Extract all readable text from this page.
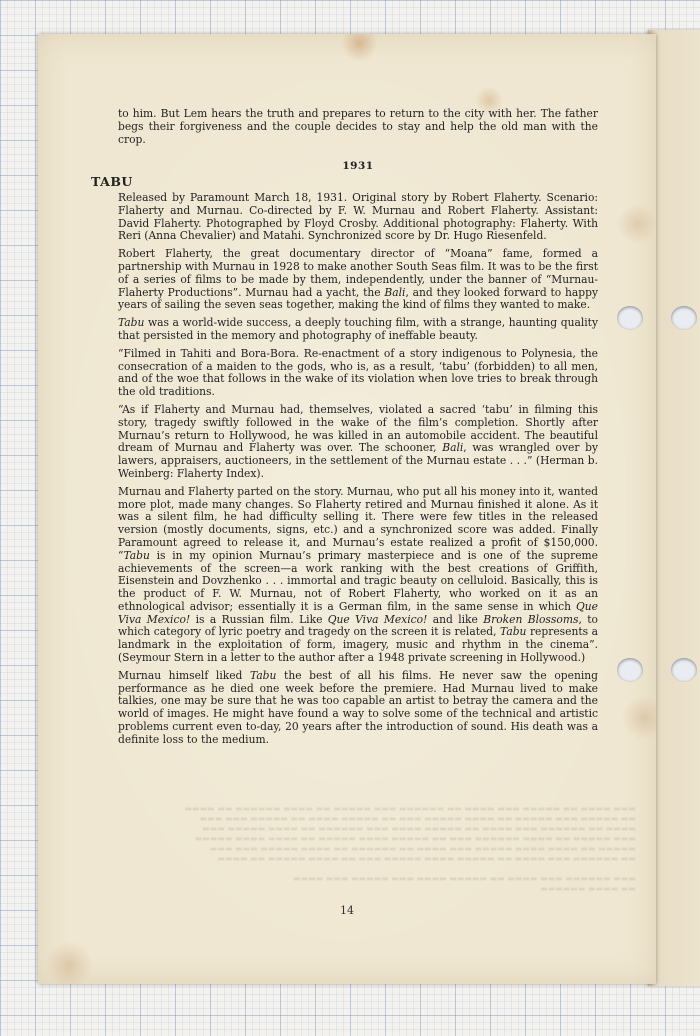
▬▬▬ ▬▬▬▬ ▬▬ ▬▬▬▬▬ ▬▬▬ ▬▬▬▬ ▬▬ ▬▬▬▬▬▬ ▬▬▬ ▬▬▬▬▬ ▬▬ ▬▬▬▬ ▬▬▬▬▬▬ ▬▬ ▬▬▬▬
▬▬ ▬▬▬▬▬ ▬▬▬ ▬▬▬▬▬ ▬▬ ▬▬▬▬ ▬▬▬▬▬ ▬▬▬ ▬▬ ▬▬▬▬▬ ▬▬▬▬ ▬▬ ▬▬▬▬▬ ▬▬▬ ▬▬▬
▬▬▬▬ ▬▬ ▬▬▬▬▬▬ ▬▬▬ ▬▬▬▬ ▬▬ ▬▬▬▬▬ ▬▬▬▬ ▬▬▬ ▬▬▬▬▬▬ ▬▬ ▬▬▬▬ ▬▬▬▬▬ ▬▬▬
▬▬▬ ▬▬▬▬▬ ▬▬ ▬▬▬▬ ▬▬▬▬▬▬ ▬▬▬ ▬▬ ▬▬▬▬▬ ▬▬▬▬ ▬▬▬▬▬ ▬▬ ▬▬▬▬ ▬▬▬▬ ▬▬▬▬▬
▬▬▬▬▬ ▬▬ ▬▬▬▬ ▬▬▬▬ ▬▬▬▬▬ ▬▬▬ ▬▬▬▬ ▬▬ ▬▬▬▬▬▬ ▬▬ ▬▬▬▬ ▬▬▬▬▬ ▬▬▬ ▬▬▬
▬▬ ▬▬▬▬▬▬ ▬▬▬ ▬▬▬▬ ▬▬ ▬▬▬▬▬ ▬▬▬▬ ▬▬▬▬▬ ▬▬▬ ▬▬ ▬▬▬▬ ▬▬▬▬▬ ▬▬ ▬▬▬▬

▬▬▬ ▬▬▬▬▬▬ ▬▬▬ ▬▬▬▬ ▬▬ ▬▬▬▬▬ ▬▬▬▬ ▬▬▬ ▬▬▬▬▬ ▬▬▬ ▬▬▬▬
▬▬ ▬▬▬▬ ▬▬▬▬▬▬

to him. But Lem hears the truth and prepares to return to the city with her. The father begs their forgiveness and the couple decides to stay and help the old man with the crop.

1931
TABU

Released by Paramount March 18, 1931. Original story by Robert Flaherty. Scenario: Flaherty and Murnau. Co-directed by F. W. Murnau and Robert Flaherty. Assistant: David Flaherty. Photographed by Floyd Crosby. Additional photography: Flaherty. With Reri (Anna Chevalier) and Matahi. Synchronized score by Dr. Hugo Riesenfeld.

Robert Flaherty, the great documentary director of “Moana” fame, formed a partnership with Murnau in 1928 to make another South Seas film. It was to be the first of a series of films to be made by them, independently, under the banner of “Murnau-Flaherty Productions”. Murnau had a yacht, the Bali, and they looked forward to happy years of sailing the seven seas together, making the kind of films they wanted to make.

Tabu was a world-wide success, a deeply touching film, with a strange, haunting quality that persisted in the memory and photography of ineffable beauty.

“Filmed in Tahiti and Bora-Bora. Re-enactment of a story indigenous to Polynesia, the consecration of a maiden to the gods, who is, as a result, ‘tabu’ (forbidden) to all men, and of the woe that follows in the wake of its violation when love tries to break through the old traditions.

“As if Flaherty and Murnau had, themselves, violated a sacred ‘tabu’ in filming this story, tragedy swiftly followed in the wake of the film’s completion. Shortly after Murnau’s return to Hollywood, he was killed in an automobile accident. The beautiful dream of Murnau and Flaherty was over. The schooner, Bali, was wrangled over by lawers, appraisers, auctioneers, in the settlement of the Murnau estate . . .” (Herman b. Weinberg: Flaherty Index).

Murnau and Flaherty parted on the story. Murnau, who put all his money into it, wanted more plot, made many changes. So Flaherty retired and Murnau finished it alone. As it was a silent film, he had difficulty selling it. There were few titles in the released version (mostly documents, signs, etc.) and a synchronized score was added. Finally Paramount agreed to release it, and Murnau’s estate realized a profit of $150,000. “Tabu is in my opinion Murnau’s primary masterpiece and is one of the supreme achievements of the screen—a work ranking with the best creations of Griffith, Eisenstein and Dovzhenko . . . immortal and tragic beauty on celluloid. Basically, this is the product of F. W. Murnau, not of Robert Flaherty, who worked on it as an ethnological advisor; essentially it is a German film, in the same sense in which Que Viva Mexico! is a Russian film. Like Que Viva Mexico! and like Broken Blossoms, to which category of lyric poetry and tragedy on the screen it is related, Tabu represents a landmark in the exploitation of form, imagery, music and rhythm in the cinema”. (Seymour Stern in a letter to the author after a 1948 private screening in Hollywood.)

Murnau himself liked Tabu the best of all his films. He never saw the opening performance as he died one week before the premiere. Had Murnau lived to make talkies, one may be sure that he was too capable an artist to betray the camera and the world of images. He might have found a way to solve some of the technical and artistic problems current even to-day, 20 years after the introduction of sound. His death was a definite loss to the medium.

14
